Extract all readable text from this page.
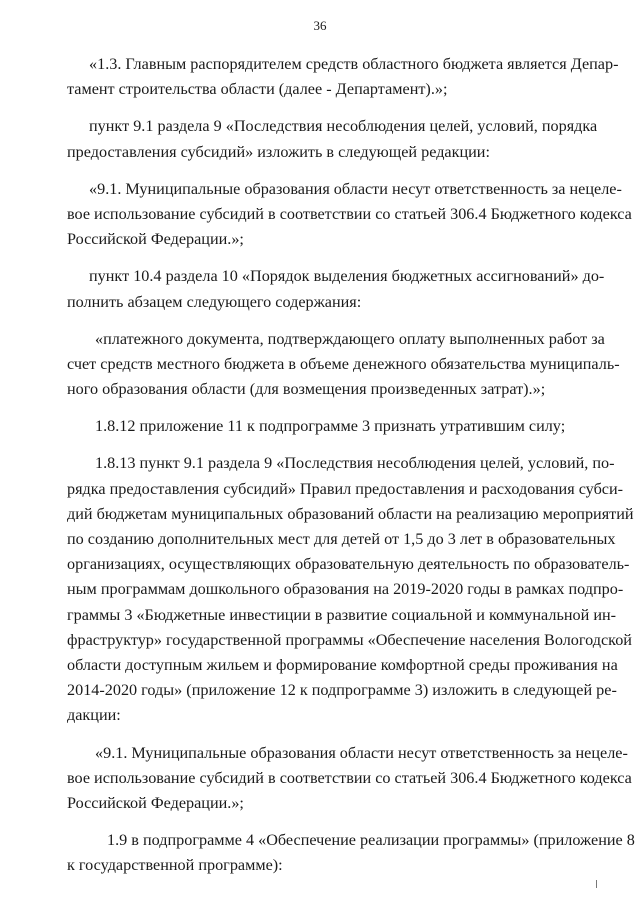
36
«1.3. Главным распорядителем средств областного бюджета является Депар-
тамент строительства области (далее - Департамент).»;
пункт 9.1 раздела 9 «Последствия несоблюдения целей, условий, порядка
предоставления субсидий» изложить в следующей редакции:
«9.1. Муниципальные образования области несут ответственность за нецеле-
вое использование субсидий в соответствии со статьей 306.4 Бюджетного кодекса
Российской Федерации.»;
пункт 10.4 раздела 10 «Порядок выделения бюджетных ассигнований» до-
полнить абзацем следующего содержания:
«платежного документа, подтверждающего оплату выполненных работ за
счет средств местного бюджета в объеме денежного обязательства муниципаль-
ного образования области (для возмещения произведенных затрат).»;
1.8.12 приложение 11 к подпрограмме 3 признать утратившим силу;
1.8.13 пункт 9.1 раздела 9 «Последствия несоблюдения целей, условий, по-
рядка предоставления субсидий» Правил предоставления и расходования субси-
дий бюджетам муниципальных образований области на реализацию мероприятий
по созданию дополнительных мест для детей от 1,5 до 3 лет в образовательных
организациях, осуществляющих образовательную деятельность по образователь-
ным программам дошкольного образования на 2019-2020 годы в рамках подпро-
граммы 3 «Бюджетные инвестиции в развитие социальной и коммунальной ин-
фраструктур» государственной программы «Обеспечение населения Вологодской
области доступным жильем и формирование комфортной среды проживания на
2014-2020 годы» (приложение 12 к подпрограмме 3) изложить в следующей ре-
дакции:
«9.1. Муниципальные образования области несут ответственность за нецеле-
вое использование субсидий в соответствии со статьей 306.4 Бюджетного кодекса
Российской Федерации.»;
1.9 в подпрограмме 4 «Обеспечение реализации программы» (приложение 8
к государственной программе):
